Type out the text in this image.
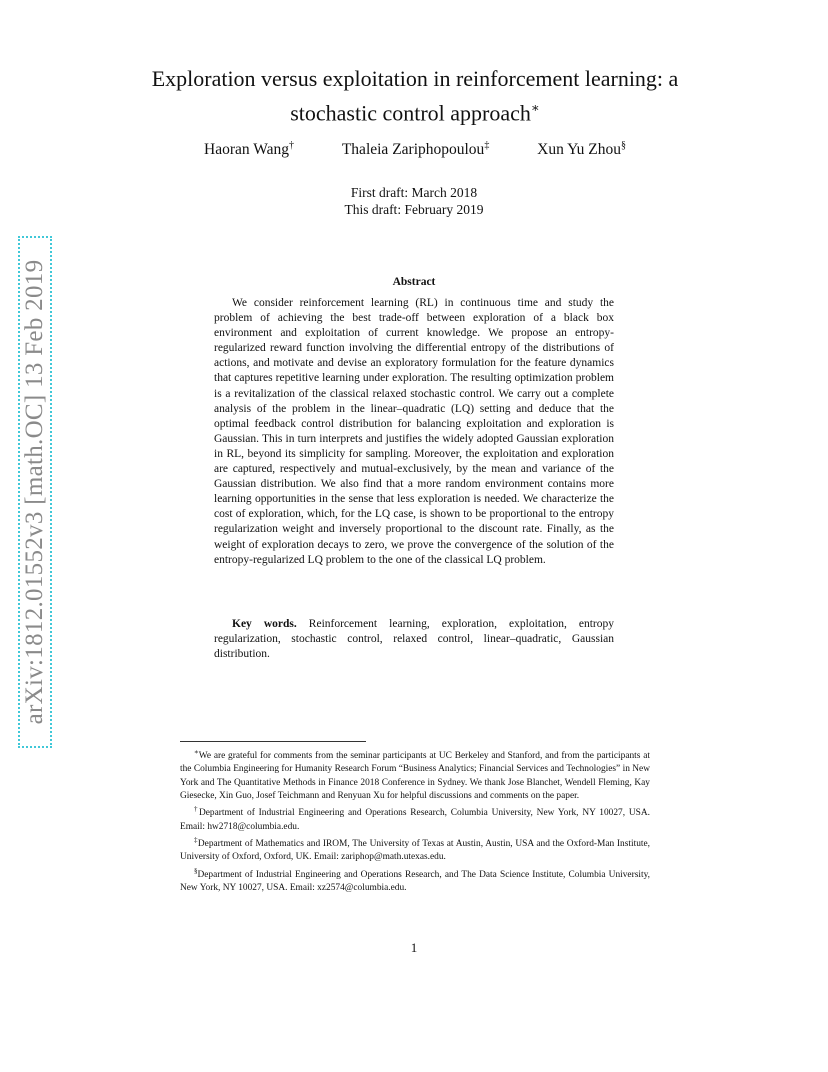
Exploration versus exploitation in reinforcement learning: a stochastic control approach∗
Haoran Wang†	Thaleia Zariphopoulou‡	Xun Yu Zhou§
First draft: March 2018
This draft: February 2019
Abstract
We consider reinforcement learning (RL) in continuous time and study the problem of achieving the best trade-off between exploration of a black box environment and exploitation of current knowledge. We propose an entropy-regularized reward function involving the differential entropy of the distributions of actions, and motivate and devise an exploratory formulation for the feature dynamics that captures repetitive learning under exploration. The resulting optimization problem is a revitalization of the classical relaxed stochastic control. We carry out a complete analysis of the problem in the linear–quadratic (LQ) setting and deduce that the optimal feedback control distribution for balancing exploitation and exploration is Gaussian. This in turn interprets and justifies the widely adopted Gaussian exploration in RL, beyond its simplicity for sampling. Moreover, the exploitation and exploration are captured, respectively and mutual-exclusively, by the mean and variance of the Gaussian distribution. We also find that a more random environment contains more learning opportunities in the sense that less exploration is needed. We characterize the cost of exploration, which, for the LQ case, is shown to be proportional to the entropy regularization weight and inversely proportional to the discount rate. Finally, as the weight of exploration decays to zero, we prove the convergence of the solution of the entropy-regularized LQ problem to the one of the classical LQ problem.
Key words. Reinforcement learning, exploration, exploitation, entropy regularization, stochastic control, relaxed control, linear–quadratic, Gaussian distribution.
arXiv:1812.01552v3 [math.OC] 13 Feb 2019

∗We are grateful for comments from the seminar participants at UC Berkeley and Stanford, and from the participants at the Columbia Engineering for Humanity Research Forum “Business Analytics; Financial Services and Technologies” in New York and The Quantitative Methods in Finance 2018 Conference in Sydney. We thank Jose Blanchet, Wendell Fleming, Kay Giesecke, Xin Guo, Josef Teichmann and Renyuan Xu for helpful discussions and comments on the paper.

†Department of Industrial Engineering and Operations Research, Columbia University, New York, NY 10027, USA. Email: hw2718@columbia.edu.

‡Department of Mathematics and IROM, The University of Texas at Austin, Austin, USA and the Oxford-Man Institute, University of Oxford, Oxford, UK. Email: zariphop@math.utexas.edu.

§Department of Industrial Engineering and Operations Research, and The Data Science Institute, Columbia University, New York, NY 10027, USA. Email: xz2574@columbia.edu.

1
